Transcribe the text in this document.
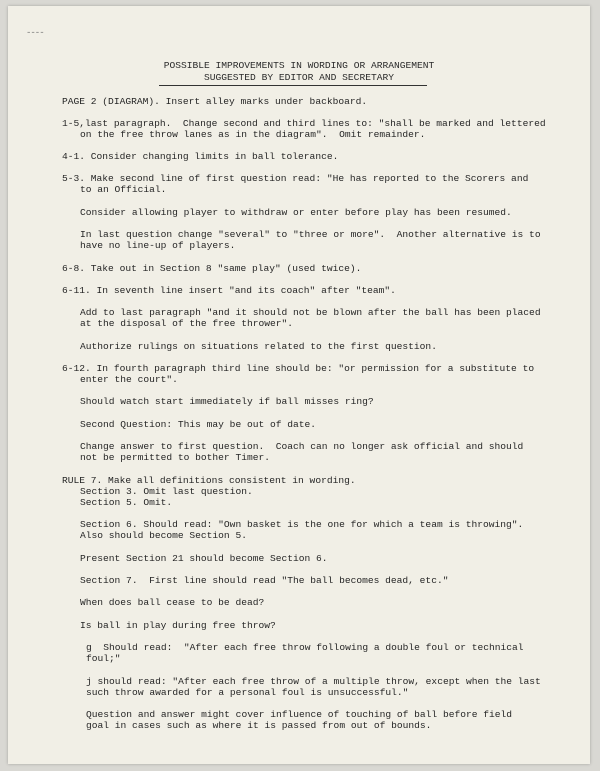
---‑
POSSIBLE IMPROVEMENTS IN WORDING OR ARRANGEMENT
SUGGESTED BY EDITOR AND SECRETARY
PAGE 2 (DIAGRAM). Insert alley marks under backboard.
1-5,last paragraph.  Change second and third lines to: "shall be marked and lettered
on the free throw lanes as in the diagram".  Omit remainder.
4-1. Consider changing limits in ball tolerance.
5-3. Make second line of first question read: "He has reported to the Scorers and
to an Official.
Consider allowing player to withdraw or enter before play has been resumed.
In last question change "several" to "three or more".  Another alternative is to
have no line-up of players.
6-8. Take out in Section 8 "same play" (used twice).
6-11. In seventh line insert "and its coach" after "team".
Add to last paragraph "and it should not be blown after the ball has been placed
at the disposal of the free thrower".
Authorize rulings on situations related to the first question.
6-12. In fourth paragraph third line should be: "or permission for a substitute to
enter the court".
Should watch start immediately if ball misses ring?
Second Question: This may be out of date.
Change answer to first question.  Coach can no longer ask official and should
not be permitted to bother Timer.
RULE 7. Make all definitions consistent in wording.
Section 3. Omit last question.
Section 5. Omit.
Section 6. Should read: "Own basket is the one for which a team is throwing".
Also should become Section 5.
Present Section 21 should become Section 6.
Section 7.  First line should read "The ball becomes dead, etc."
When does ball cease to be dead?
Is ball in play during free throw?
g  Should read:  "After each free throw following a double foul or technical
foul;"
j should read: "After each free throw of a multiple throw, except when the last
such throw awarded for a personal foul is unsuccessful."
Question and answer might cover influence of touching of ball before field
goal in cases such as where it is passed from out of bounds.
